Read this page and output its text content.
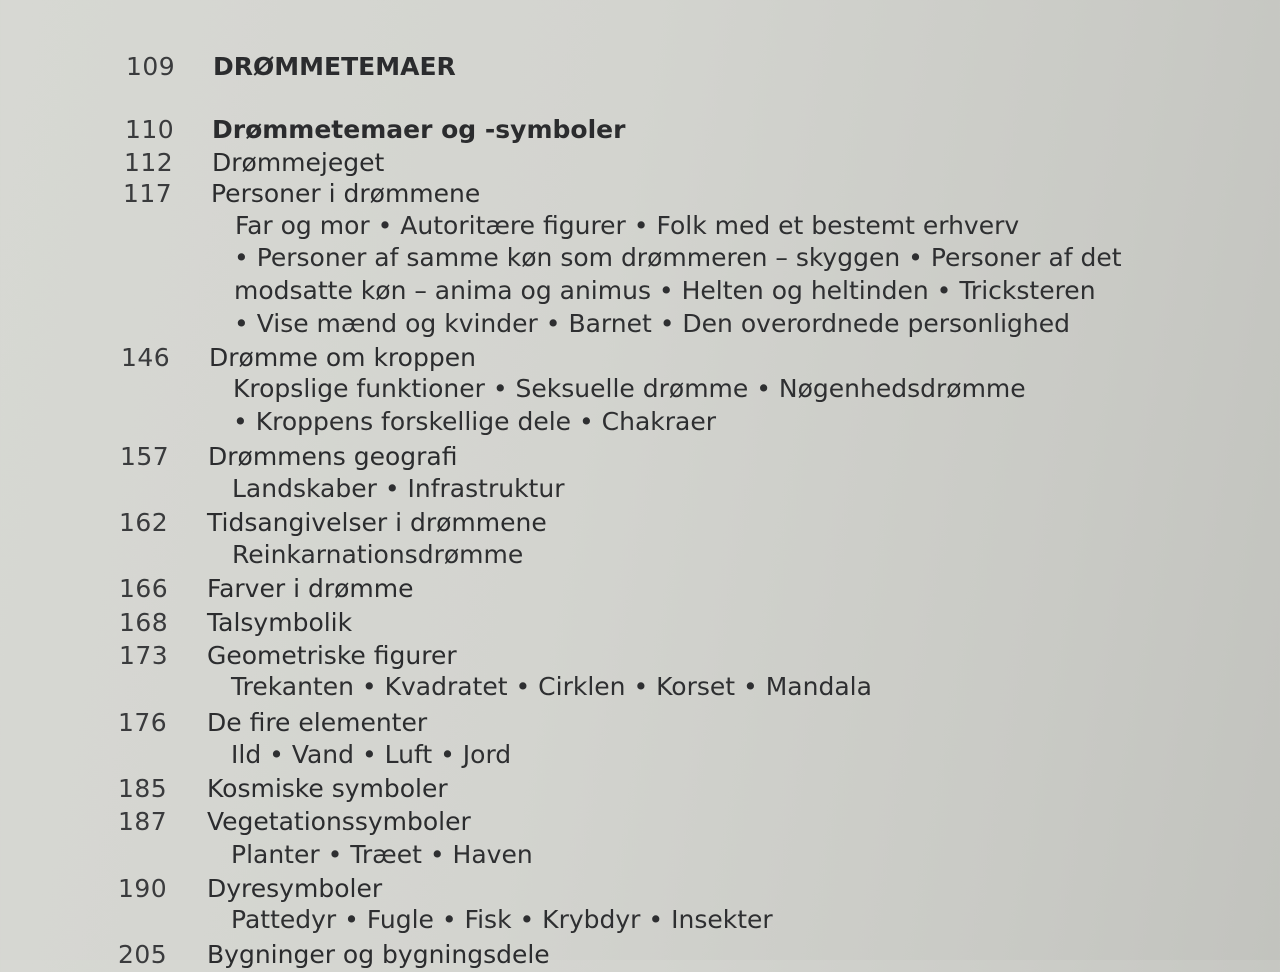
109 DRØMMETEMAER
110 Drømmetemaer og -symboler
112 Drømmejeget
117 Personer i drømmene
Far og mor • Autoritære figurer • Folk med et bestemt erhverv
• Personer af samme køn som drømmeren – skyggen • Personer af det
modsatte køn – anima og animus • Helten og heltinden • Tricksteren
• Vise mænd og kvinder • Barnet • Den overordnede personlighed
146 Drømme om kroppen
Kropslige funktioner • Seksuelle drømme • Nøgenhedsdrømme
• Kroppens forskellige dele • Chakraer
157 Drømmens geografi
Landskaber • Infrastruktur
162 Tidsangivelser i drømmene
Reinkarnationsdrømme
166 Farver i drømme
168 Talsymbolik
173 Geometriske figurer
Trekanten • Kvadratet • Cirklen • Korset • Mandala
176 De fire elementer
Ild • Vand • Luft • Jord
185 Kosmiske symboler
187 Vegetationssymboler
Planter • Træet • Haven
190 Dyresymboler
Pattedyr • Fugle • Fisk • Krybdyr • Insekter
205 Bygninger og bygningsdele
